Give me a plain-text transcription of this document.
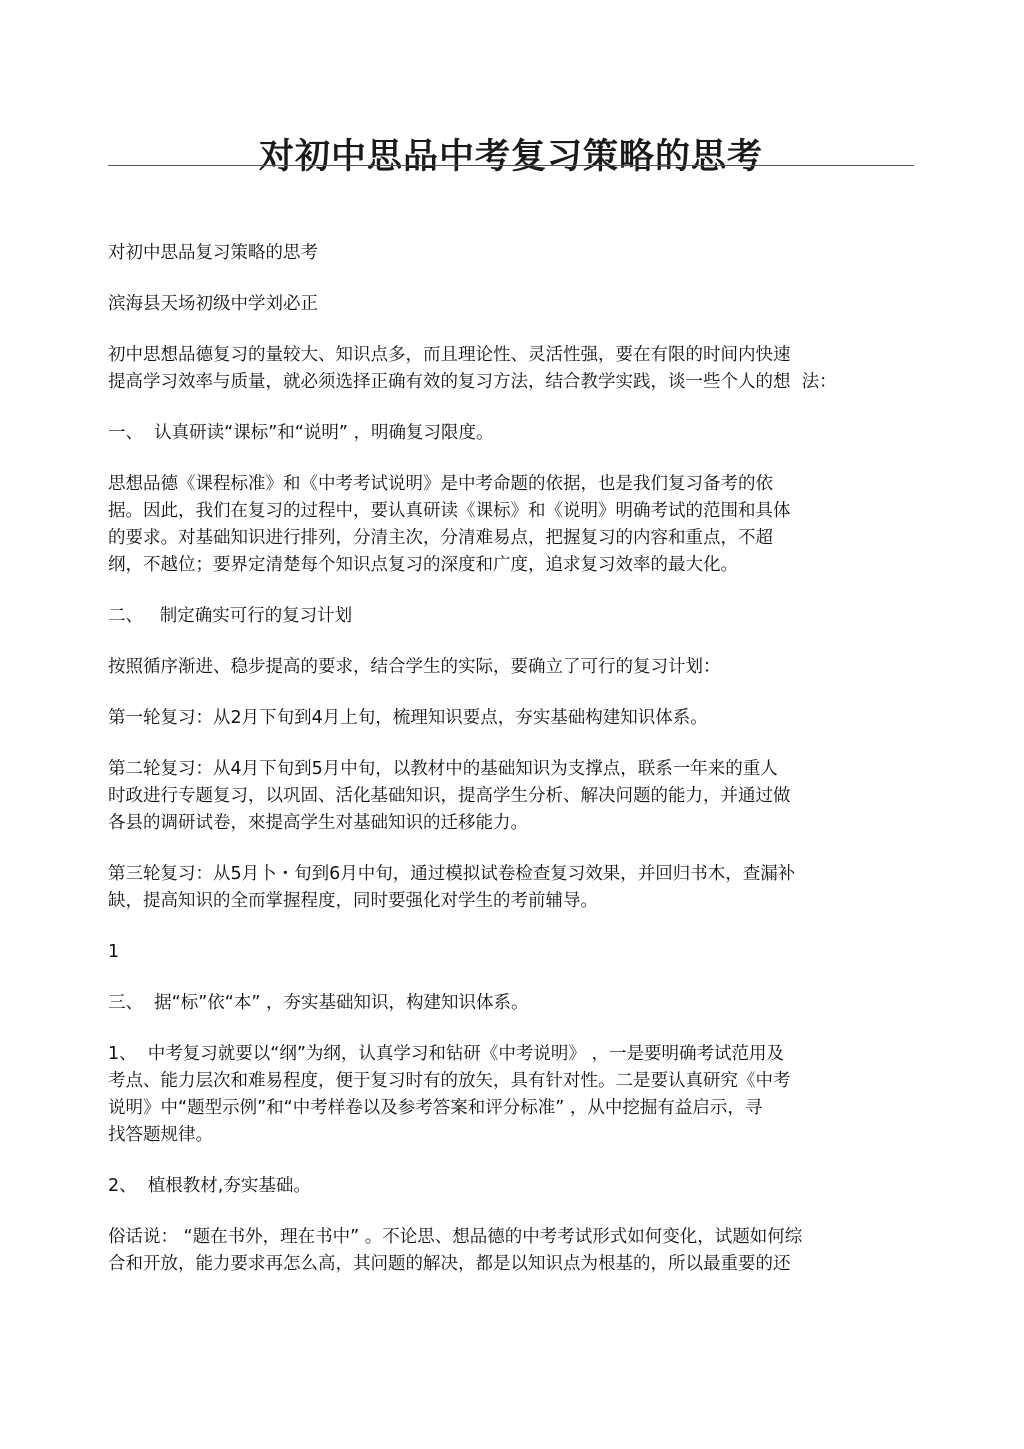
对初中思品中考复习策略的思考

对初中思品复习策略的思考

滨海县天场初级中学刘必正

初中思想品德复习的量较大、知识点多，而且理论性、灵活性强，要在有限的时间内快速
提高学习效率与质量，就必须选择正确有效的复习方法，结合教学实践，谈一些个人的想  法：

一、  认真研读“课标”和“说明” ，明确复习限度。

思想品德《课程标准》和《中考考试说明》是中考命题的依据，也是我们复习备考的依
据。因此，我们在复习的过程中，要认真研读《课标》和《说明》明确考试的范围和具体
的要求。对基础知识进行排列，分清主次，分清难易点，把握复习的内容和重点，不超
纲，不越位；要界定清楚每个知识点复习的深度和广度，追求复习效率的最大化。

二、   制定确实可行的复习计划

按照循序渐进、稳步提高的要求，结合学生的实际，要确立了可行的复习计划：

第一轮复习：从2月下旬到4月上旬，梳理知识要点，夯实基础构建知识体系。

第二轮复习：从4月下旬到5月中旬，以教材中的基础知识为支撑点，联系一年来的重人
时政进行专题复习，以巩固、活化基础知识，提高学生分析、解决问题的能力，并通过做
各县的调研试卷，來提高学生对基础知识的迁移能力。

第三轮复习：从5月卜・旬到6月中旬，通过模拟试卷检查复习效果，并回归书木，查漏补
缺，提高知识的全而掌握程度，同时要强化对学生的考前辅导。

1

三、  据“标”依“本” ，夯实基础知识，构建知识体系。

1、  中考复习就要以“纲”为纲，认真学习和钻研《中考说明》 ，一是要明确考试范用及
考点、能力层次和难易程度，便于复习时有的放矢，具有针对性。二是要认真研究《中考
说明》中“题型示例”和“中考样卷以及参考答案和评分标准” ，从中挖掘有益启示，寻
找答题规律。

2、  植根教材,夯实基础。

俗话说： “题在书外，理在书中” 。不论思、想品德的中考考试形式如何变化，试题如何综
合和开放，能力要求再怎么高，其问题的解决，都是以知识点为根基的，所以最重要的还
